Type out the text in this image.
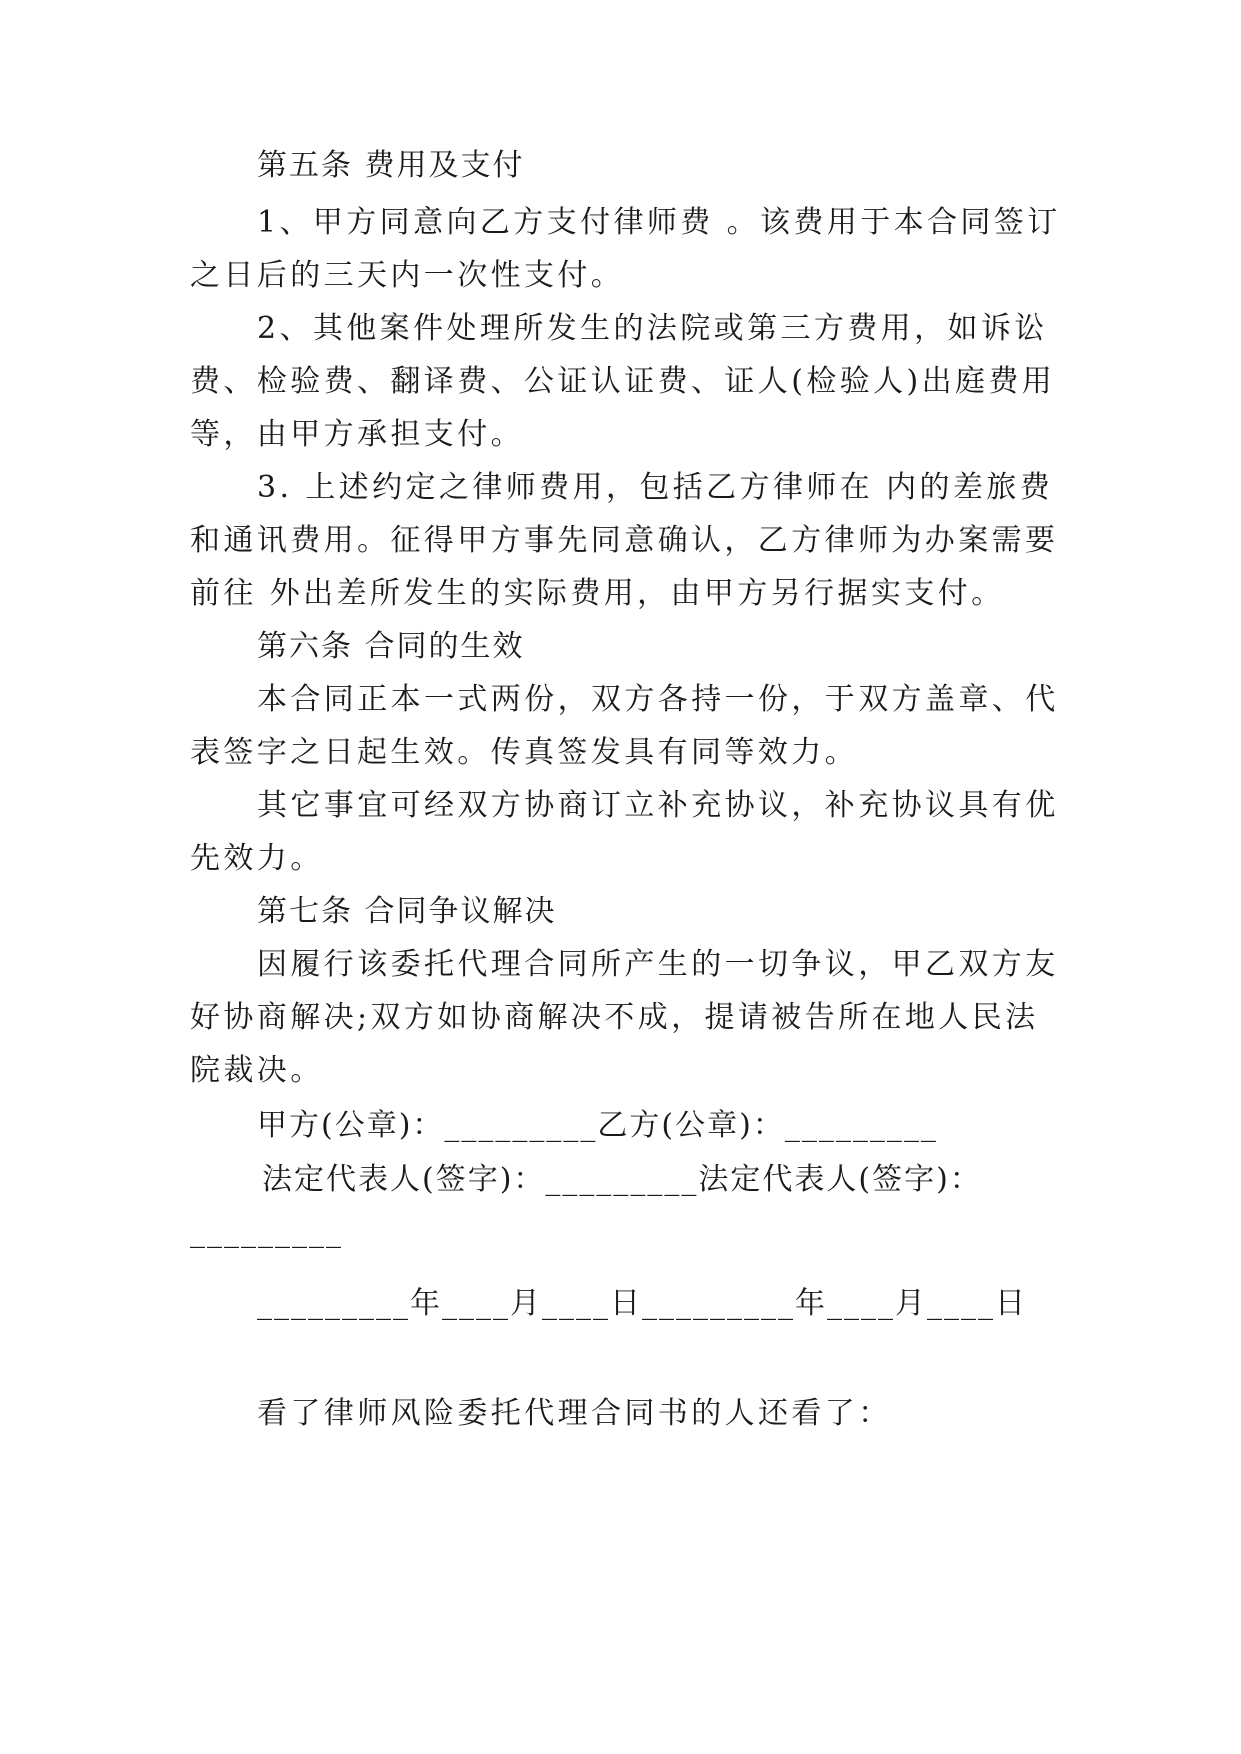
第五条 费用及支付
1、甲方同意向乙方支付律师费 。该费用于本合同签订
之日后的三天内一次性支付。
2、其他案件处理所发生的法院或第三方费用，如诉讼
费、检验费、翻译费、公证认证费、证人(检验人)出庭费用
等，由甲方承担支付。
3. 上述约定之律师费用，包括乙方律师在 内的差旅费
和通讯费用。征得甲方事先同意确认，乙方律师为办案需要
前往 外出差所发生的实际费用，由甲方另行据实支付。
第六条 合同的生效
本合同正本一式两份，双方各持一份，于双方盖章、代
表签字之日起生效。传真签发具有同等效力。
其它事宜可经双方协商订立补充协议，补充协议具有优
先效力。
第七条 合同争议解决
因履行该委托代理合同所产生的一切争议，甲乙双方友
好协商解决;双方如协商解决不成，提请被告所在地人民法
院裁决。
甲方(公章)：_________乙方(公章)：_________
法定代表人(签字)：_________法定代表人(签字)：
_________
_________年____月____日_________年____月____日
看了律师风险委托代理合同书的人还看了：
